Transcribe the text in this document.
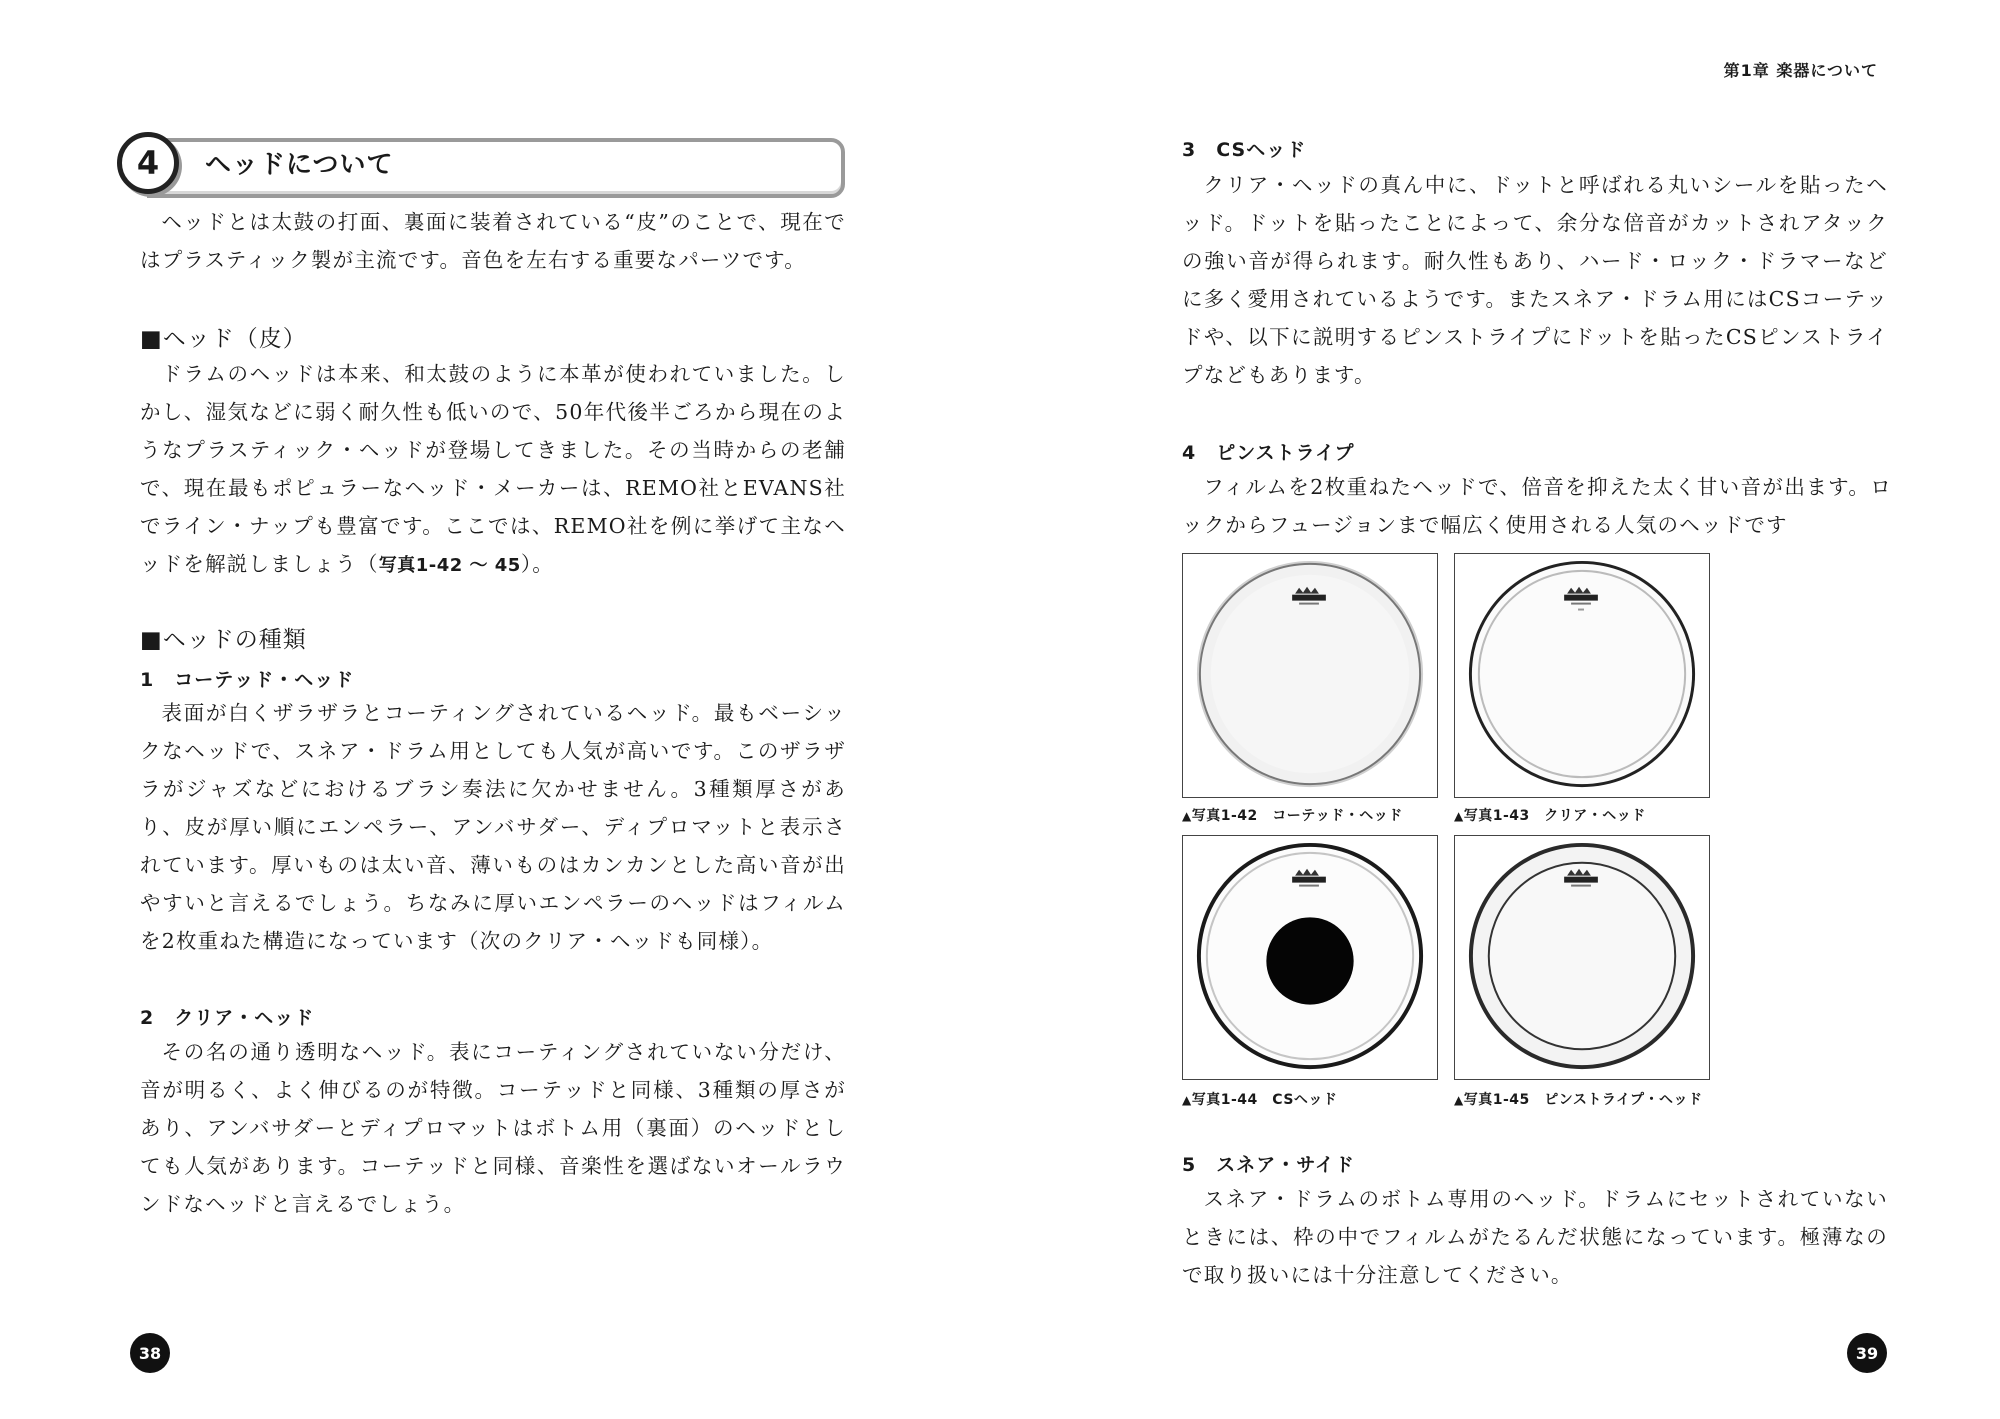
4	ヘッドについて

ヘッドとは太鼓の打面、裏面に装着されている“皮”のことで、現在ではプラスティック製が主流です。音色を左右する重要なパーツです。

■ヘッド（皮）

ドラムのヘッドは本来、和太鼓のように本革が使われていました。しかし、湿気などに弱く耐久性も低いので、50年代後半ごろから現在のようなプラスティック・ヘッドが登場してきました。その当時からの老舗で、現在最もポピュラーなヘッド・メーカーは、REMO社とEVANS社でライン・ナップも豊富です。ここでは、REMO社を例に挙げて主なヘッドを解説しましょう（写真1-42 〜 45）。

■ヘッドの種類
1　コーテッド・ヘッド

表面が白くザラザラとコーティングされているヘッド。最もベーシックなヘッドで、スネア・ドラム用としても人気が高いです。このザラザラがジャズなどにおけるブラシ奏法に欠かせません。3種類厚さがあり、皮が厚い順にエンペラー、アンバサダー、ディプロマットと表示されています。厚いものは太い音、薄いものはカンカンとした高い音が出やすいと言えるでしょう。ちなみに厚いエンペラーのヘッドはフィルムを2枚重ねた構造になっています（次のクリア・ヘッドも同様）。

2　クリア・ヘッド

その名の通り透明なヘッド。表にコーティングされていない分だけ、音が明るく、よく伸びるのが特徴。コーテッドと同様、3種類の厚さがあり、アンバサダーとディプロマットはボトム用（裏面）のヘッドとしても人気があります。コーテッドと同様、音楽性を選ばないオールラウンドなヘッドと言えるでしょう。

38
第1章 楽器について
3　CSヘッド

クリア・ヘッドの真ん中に、ドットと呼ばれる丸いシールを貼ったヘッド。ドットを貼ったことによって、余分な倍音がカットされアタックの強い音が得られます。耐久性もあり、ハード・ロック・ドラマーなどに多く愛用されているようです。またスネア・ドラム用にはCSコーテッドや、以下に説明するピンストライプにドットを貼ったCSピンストライプなどもあります。

4　ピンストライプ

フィルムを2枚重ねたヘッドで、倍音を抑えた太く甘い音が出ます。ロックからフュージョンまで幅広く使用される人気のヘッドです

▲写真1-42　 コーテッド・ヘッド	▲写真1-43　 クリア・ヘッド
▲写真1-44　 CSヘッド	▲写真1-45　 ピンストライプ・ヘッド
5　スネア・サイド

スネア・ドラムのボトム専用のヘッド。ドラムにセットされていないときには、枠の中でフィルムがたるんだ状態になっています。極薄なので取り扱いには十分注意してください。

39
